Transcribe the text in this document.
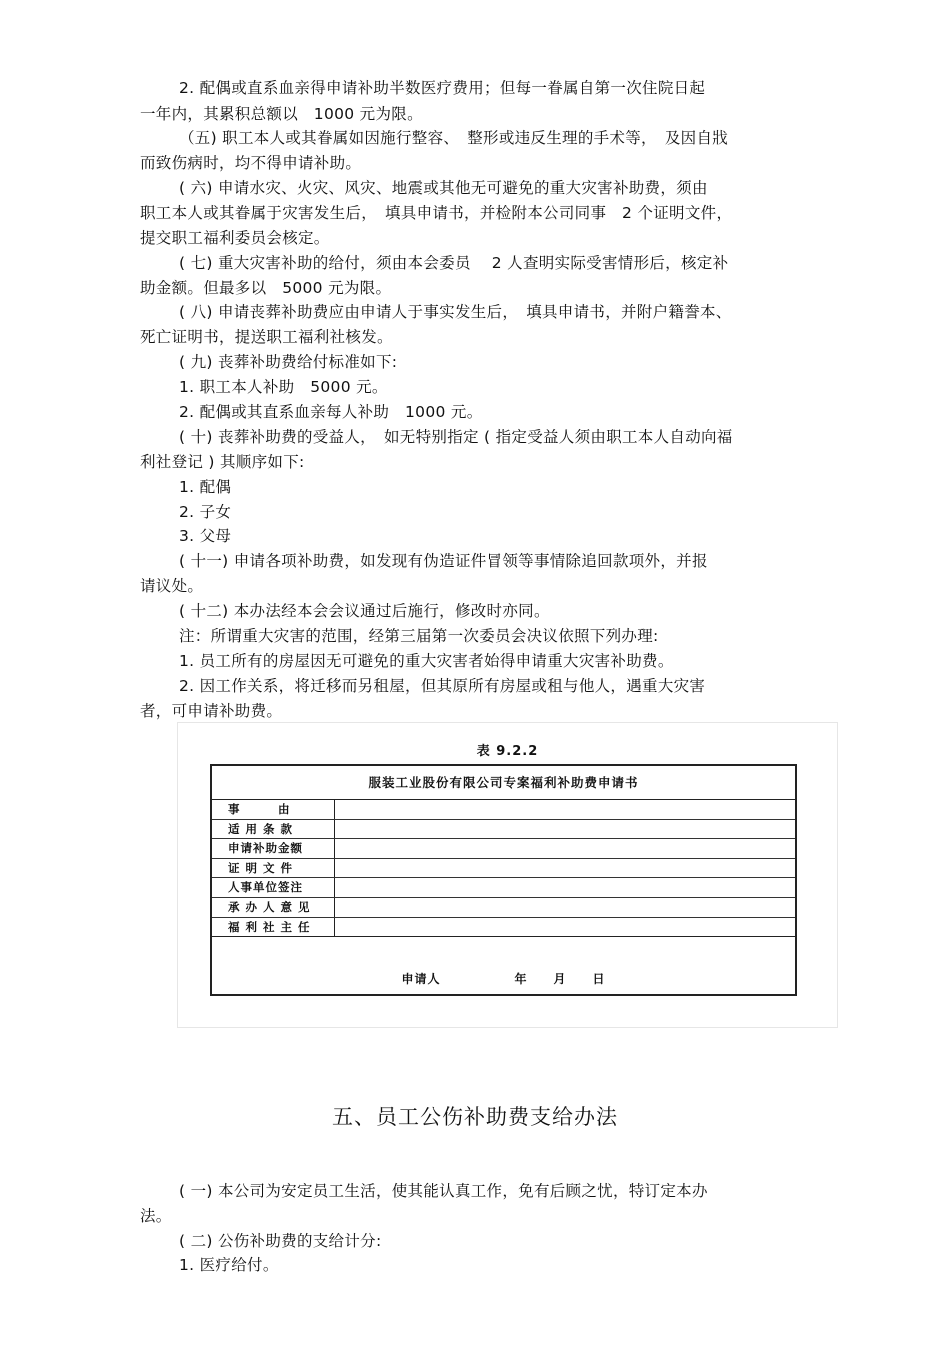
2. 配偶或直系血亲得申请补助半数医疗费用；但每一眷属自第一次住院日起
一年内，其累积总额以　1000 元为限。
（五) 职工本人或其眷属如因施行整容、　整形或违反生理的手术等，　及因自戕
而致伤病时，均不得申请补助。
( 六) 申请水灾、火灾、风灾、地震或其他无可避免的重大灾害补助费，须由
职工本人或其眷属于灾害发生后，　填具申请书，并检附本公司同事　2 个证明文件，
提交职工福利委员会核定。
( 七) 重大灾害补助的给付，须由本会委员　 2 人查明实际受害情形后，核定补
助金额。但最多以　5000 元为限。
( 八) 申请丧葬补助费应由申请人于事实发生后，　填具申请书，并附户籍誊本、
死亡证明书，提送职工福利社核发。
( 九) 丧葬补助费给付标准如下:
1. 职工本人补助　5000 元。
2. 配偶或其直系血亲每人补助　1000 元。
( 十) 丧葬补助费的受益人，　如无特别指定 ( 指定受益人须由职工本人自动向福
利社登记 ) 其顺序如下:
1. 配偶
2. 子女
3. 父母
( 十一) 申请各项补助费，如发现有伪造证件冒领等事情除追回款项外，并报
请议处。
( 十二) 本办法经本会会议通过后施行，修改时亦同。
注：所谓重大灾害的范围，经第三届第一次委员会决议依照下列办理:
1. 员工所有的房屋因无可避免的重大灾害者始得申请重大灾害补助费。
2. 因工作关系，将迁移而另租屋，但其原所有房屋或租与他人，遇重大灾害
者，可申请补助费。
表 9.2.2
服装工业股份有限公司专案福利补助费申请书
事　　　由
适 用 条 款
申请补助金额
证 明 文 件
人事单位签注
承 办 人 意 见
福 利 社 主 任
申请人	年 月 日
五、员工公伤补助费支给办法
( 一) 本公司为安定员工生活，使其能认真工作，免有后顾之忧，特订定本办
法。
( 二) 公伤补助费的支给计分:
1. 医疗给付。
